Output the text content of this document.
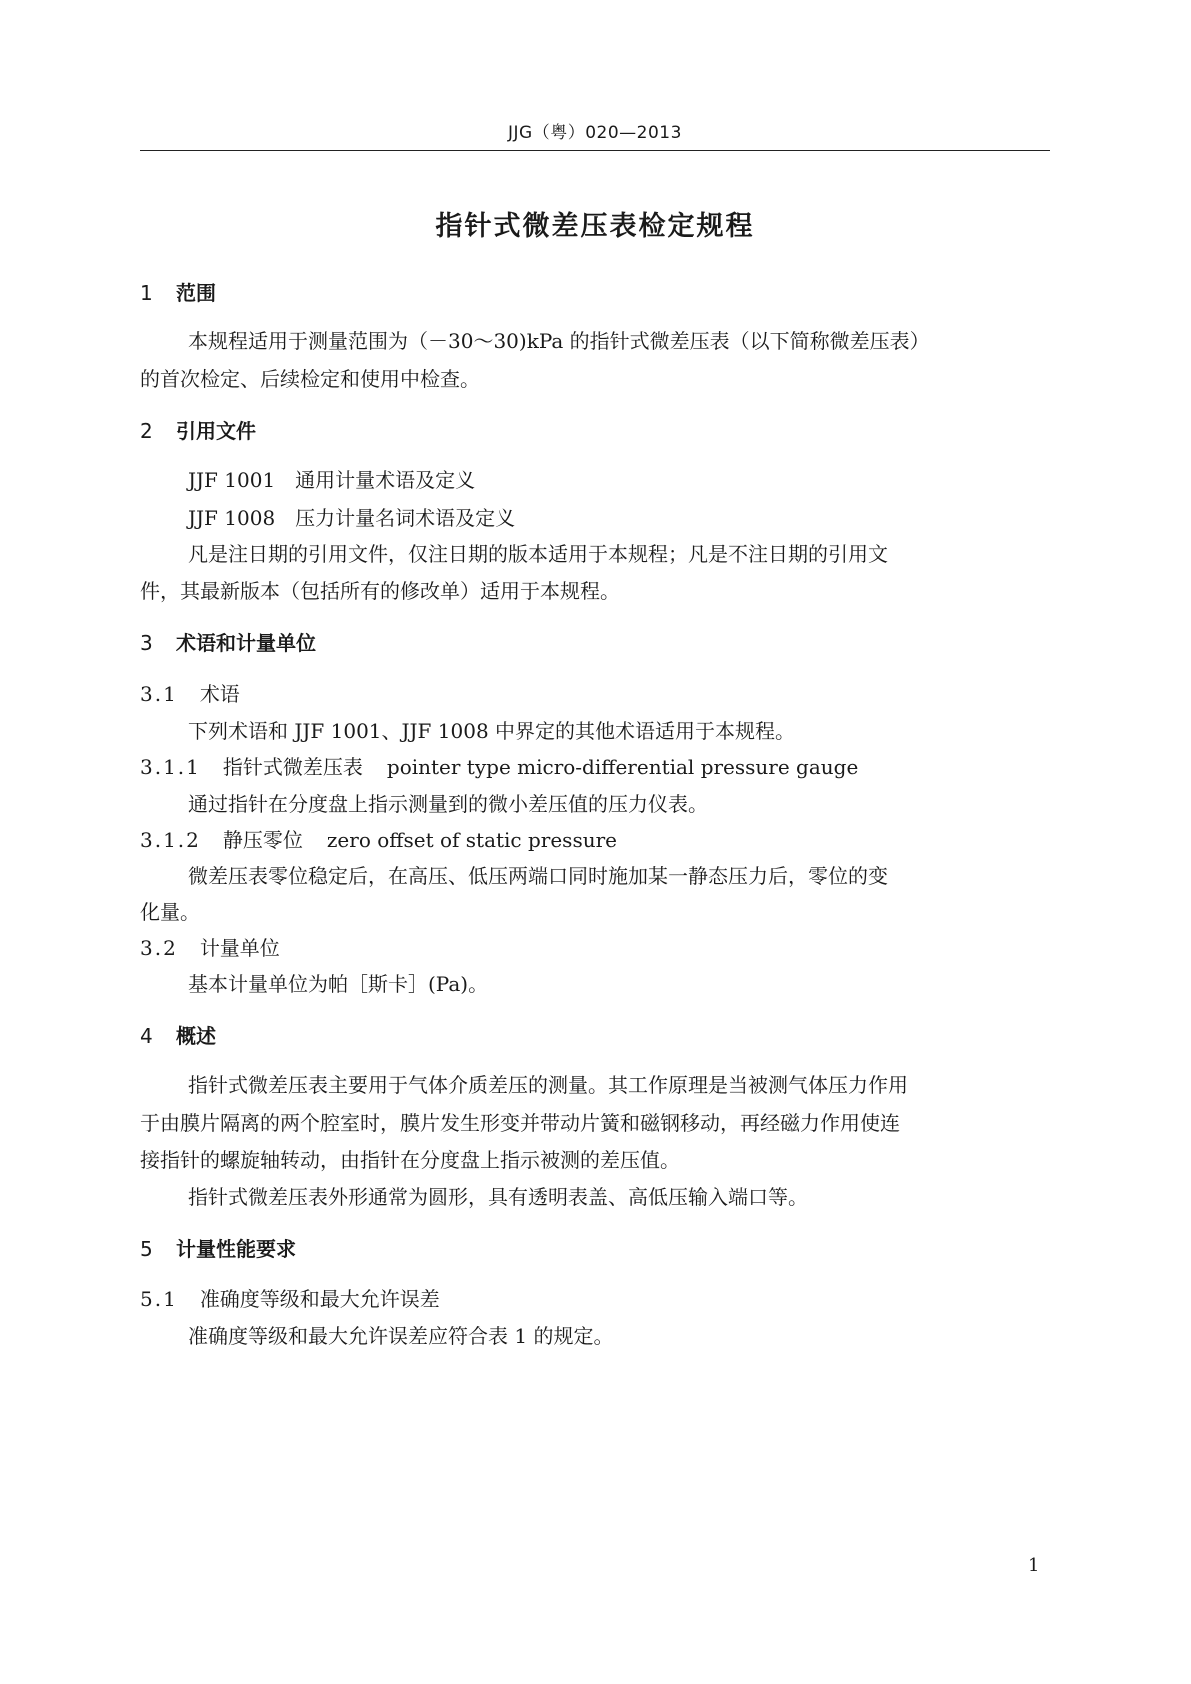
JJG（粤）020—2013
指针式微差压表检定规程
1 范围
本规程适用于测量范围为（－30～30)kPa 的指针式微差压表（以下简称微差压表）
的首次检定、后续检定和使用中检查。
2 引用文件
JJF 1001　通用计量术语及定义
JJF 1008　压力计量名词术语及定义
凡是注日期的引用文件，仅注日期的版本适用于本规程；凡是不注日期的引用文
件，其最新版本（包括所有的修改单）适用于本规程。
3 术语和计量单位
3.1 术语
下列术语和 JJF 1001、JJF 1008 中界定的其他术语适用于本规程。
3.1.1 指针式微差压表 pointer type micro-differential pressure gauge
通过指针在分度盘上指示测量到的微小差压值的压力仪表。
3.1.2 静压零位 zero offset of static pressure
微差压表零位稳定后，在高压、低压两端口同时施加某一静态压力后，零位的变
化量。
3.2 计量单位
基本计量单位为帕［斯卡］(Pa)。
4 概述
指针式微差压表主要用于气体介质差压的测量。其工作原理是当被测气体压力作用
于由膜片隔离的两个腔室时，膜片发生形变并带动片簧和磁钢移动，再经磁力作用使连
接指针的螺旋轴转动，由指针在分度盘上指示被测的差压值。
指针式微差压表外形通常为圆形，具有透明表盖、高低压输入端口等。
5 计量性能要求
5.1 准确度等级和最大允许误差
准确度等级和最大允许误差应符合表 1 的规定。
1
